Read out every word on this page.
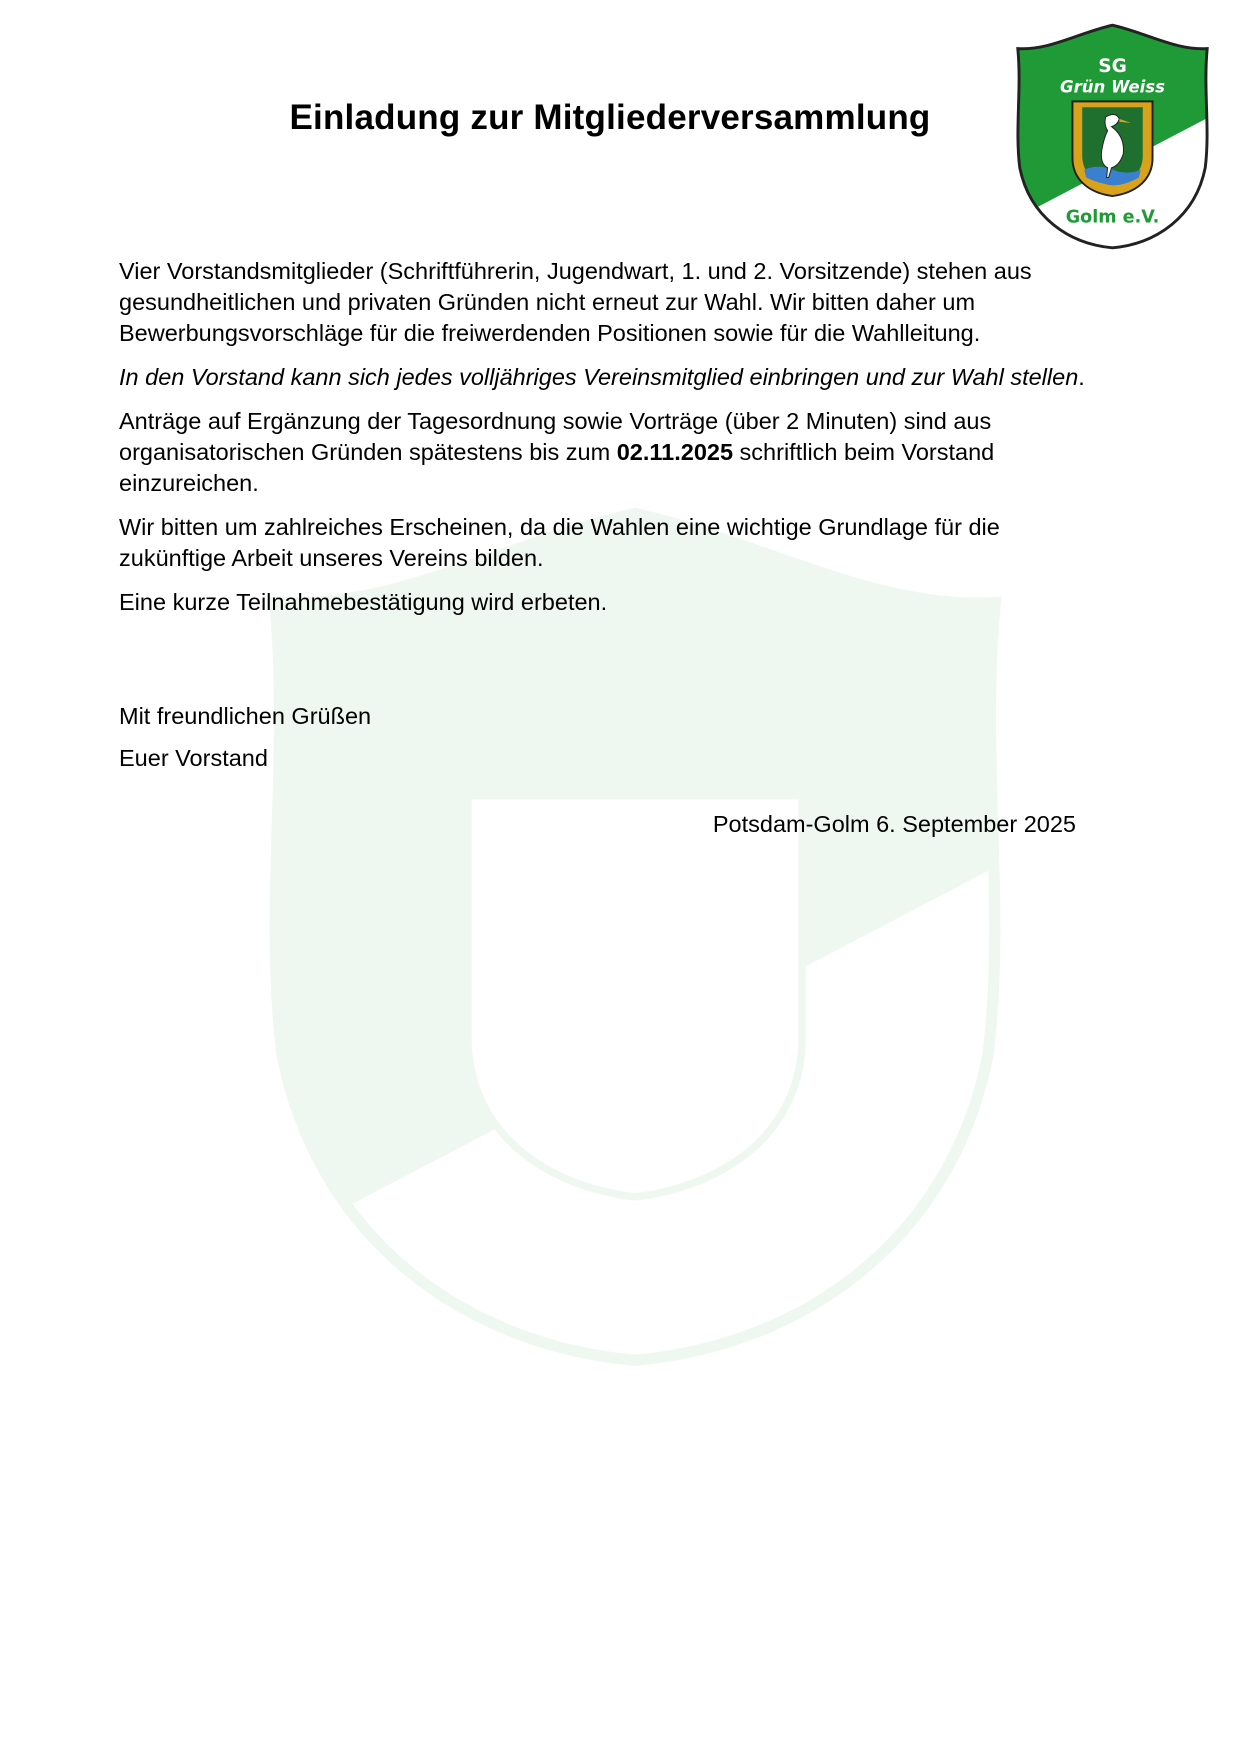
SG
Grün Weiss
Golm e.V.
Einladung zur Mitgliederversammlung

Vier Vorstandsmitglieder (Schriftführerin, Jugendwart, 1. und 2. Vorsitzende) stehen aus gesundheitlichen und privaten Gründen nicht erneut zur Wahl. Wir bitten daher um Bewerbungsvorschläge für die freiwerdenden Positionen sowie für die Wahlleitung.

In den Vorstand kann sich jedes volljähriges Vereinsmitglied einbringen und zur Wahl stellen.

Anträge auf Ergänzung der Tagesordnung sowie Vorträge (über 2 Minuten) sind aus organisatorischen Gründen spätestens bis zum 02.11.2025 schriftlich beim Vorstand einzureichen.

Wir bitten um zahlreiches Erscheinen, da die Wahlen eine wichtige Grundlage für die zukünftige Arbeit unseres Vereins bilden.

Eine kurze Teilnahmebestätigung wird erbeten.

Mit freundlichen Grüßen
Euer Vorstand
Potsdam-Golm 6. September 2025
